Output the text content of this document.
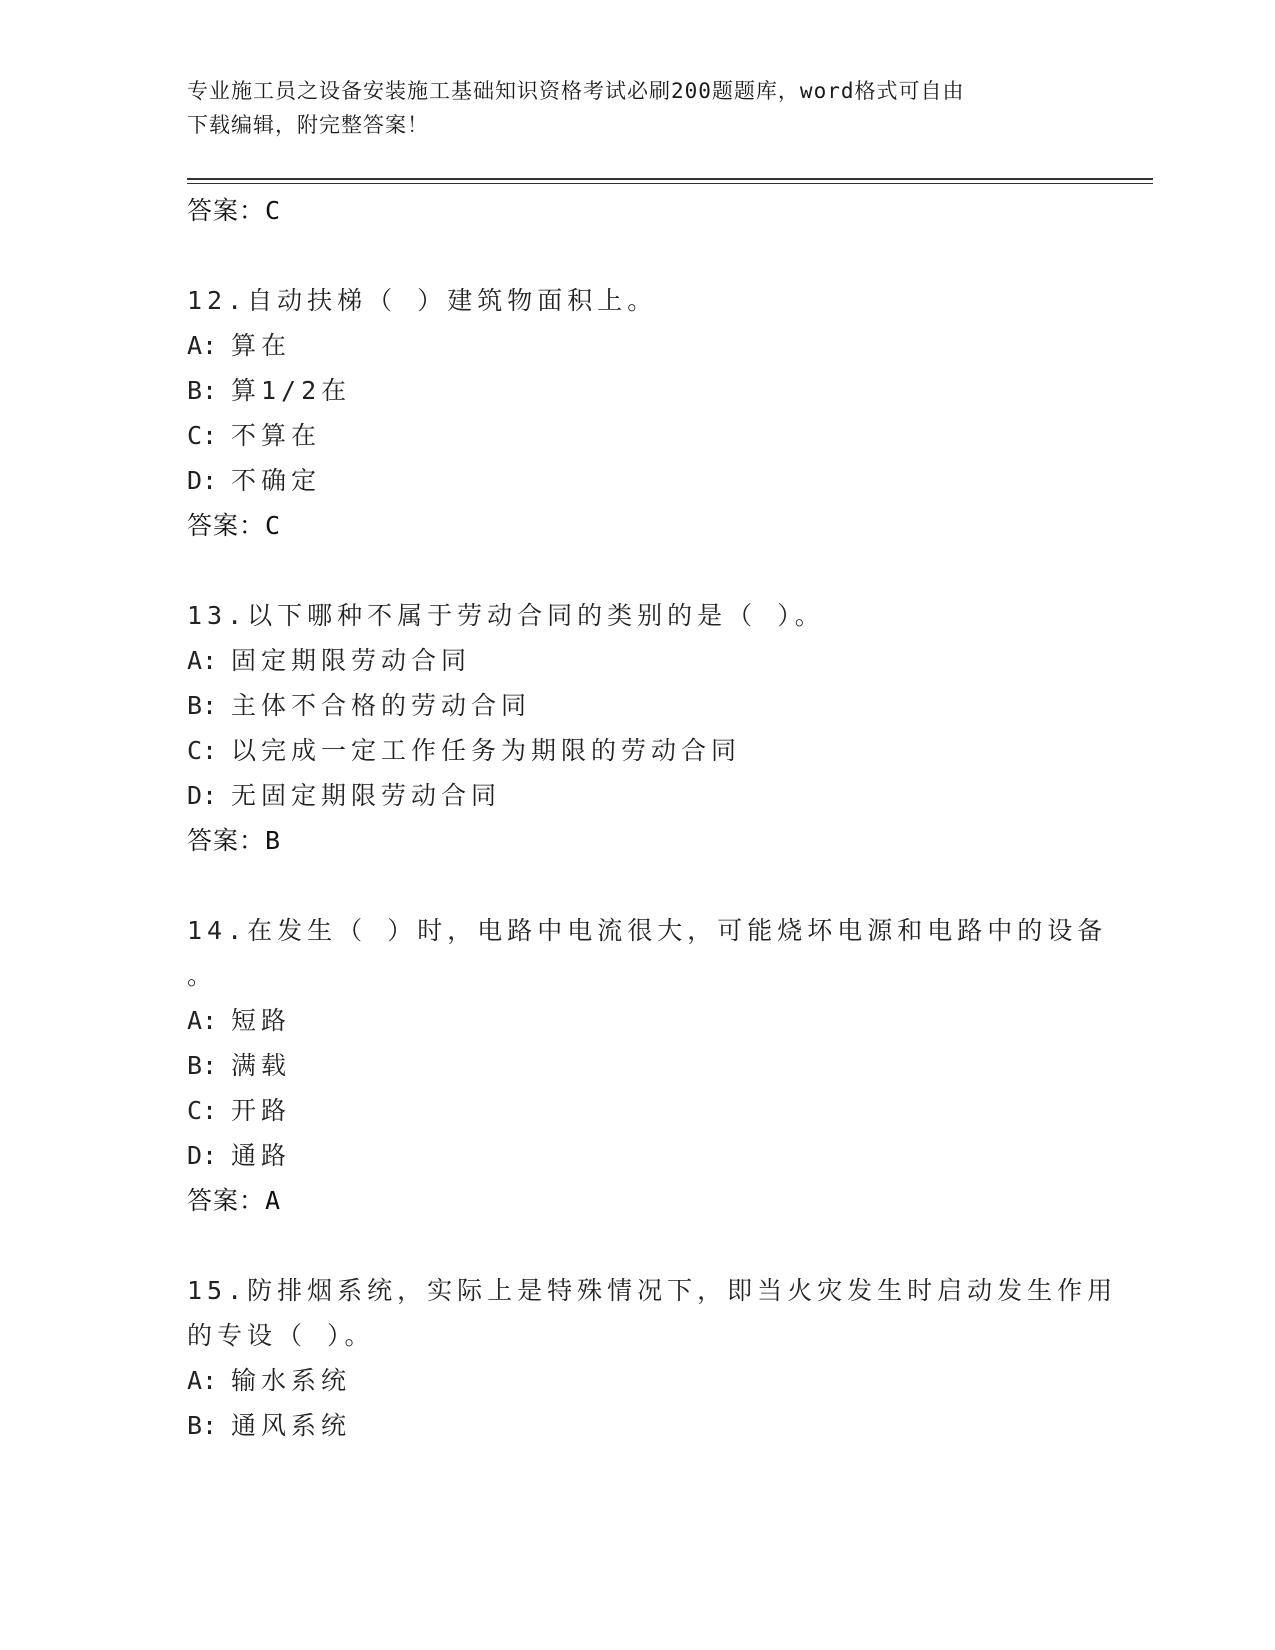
专业施工员之设备安装施工基础知识资格考试必刷200题题库，word格式可自由
下载编辑，附完整答案！
答案：C
12.自动扶梯（ ）建筑物面积上。
A: 算在
B: 算1/2在
C: 不算在
D: 不确定
答案：C
13.以下哪种不属于劳动合同的类别的是（ ）。
A: 固定期限劳动合同
B: 主体不合格的劳动合同
C: 以完成一定工作任务为期限的劳动合同
D: 无固定期限劳动合同
答案：B
14.在发生（ ）时，电路中电流很大，可能烧坏电源和电路中的设备
。
A: 短路
B: 满载
C: 开路
D: 通路
答案：A
15.防排烟系统，实际上是特殊情况下，即当火灾发生时启动发生作用
的专设（ ）。
A: 输水系统
B: 通风系统
